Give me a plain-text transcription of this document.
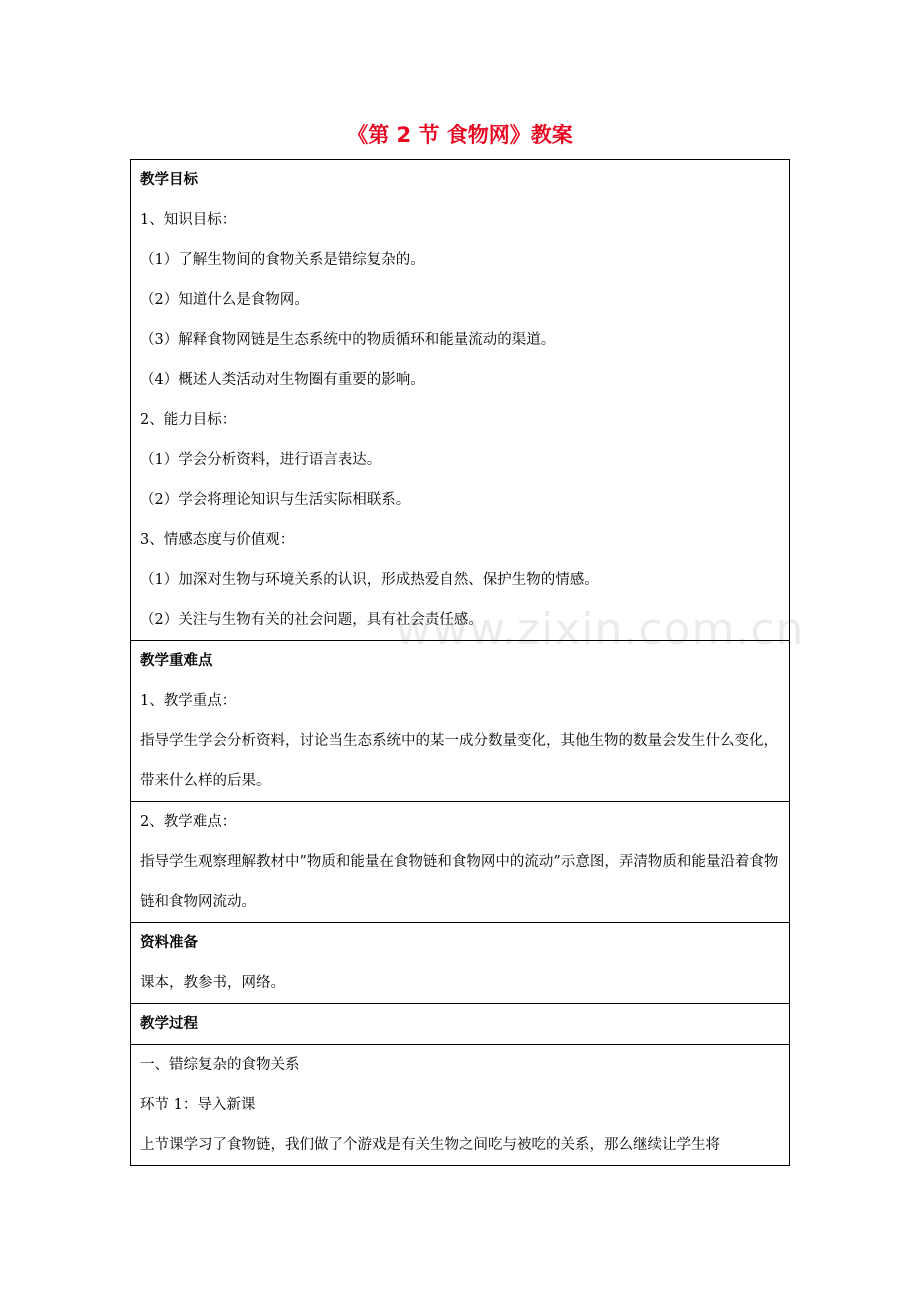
《第 2 节 食物网》教案
教学目标
1、知识目标：
（1）了解生物间的食物关系是错综复杂的。
（2）知道什么是食物网。
（3）解释食物网链是生态系统中的物质循环和能量流动的渠道。
（4）概述人类活动对生物圈有重要的影响。
2、能力目标：
（1）学会分析资料，进行语言表达。
（2）学会将理论知识与生活实际相联系。
3、情感态度与价值观：
（1）加深对生物与环境关系的认识，形成热爱自然、保护生物的情感。
（2）关注与生物有关的社会问题，具有社会责任感。

教学重难点
1、教学重点：
指导学生学会分析资料，讨论当生态系统中的某一成分数量变化，其他生物的数量会发生什么变化，带来什么样的后果。

2、教学难点：
指导学生观察理解教材中”物质和能量在食物链和食物网中的流动”示意图，弄清物质和能量沿着食物链和食物网流动。

资料准备
课本，教参书，网络。

教学过程

一、错综复杂的食物关系
环节 1：导入新课
上节课学习了食物链，我们做了个游戏是有关生物之间吃与被吃的关系，那么继续让学生将
www.zixin.com.cn
